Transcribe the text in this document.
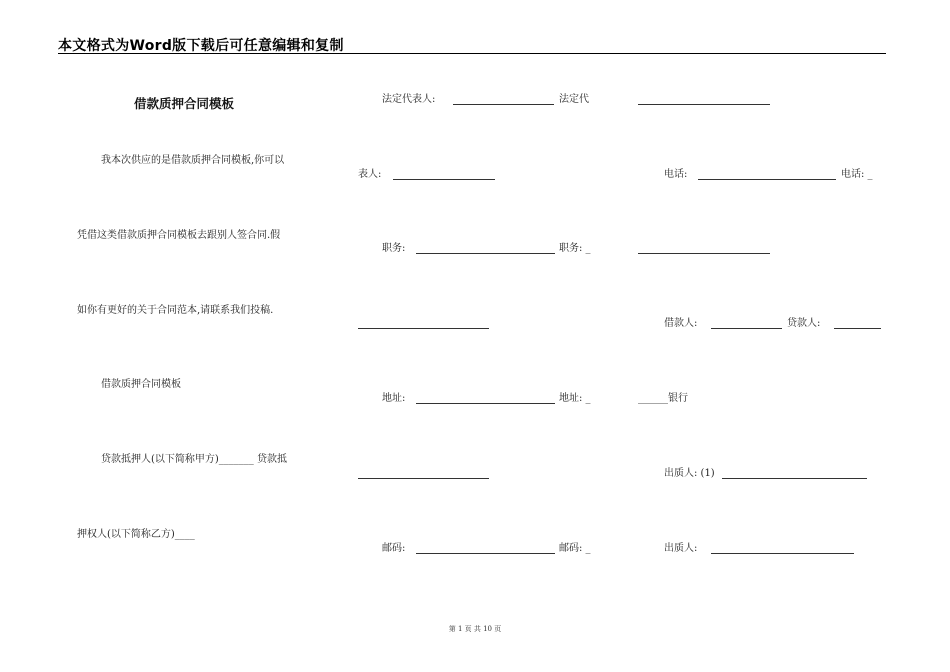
本文格式为Word版下载后可任意编辑和复制
借款质押合同模板
我本次供应的是借款质押合同模板,你可以
凭借这类借款质押合同模板去跟别人签合同.假
如你有更好的关于合同范本,请联系我们投稿.
借款质押合同模板
贷款抵押人(以下简称甲方)_______ 贷款抵
押权人(以下简称乙方)____
法定代表人:	法定代
表人:
职务:	职务: _
地址:	地址: _
邮码:	邮码: _
电话:	电话: _
借款人:	贷款人:
______银行
出质人: (1)
出质人:
第 1 页 共 10 页
